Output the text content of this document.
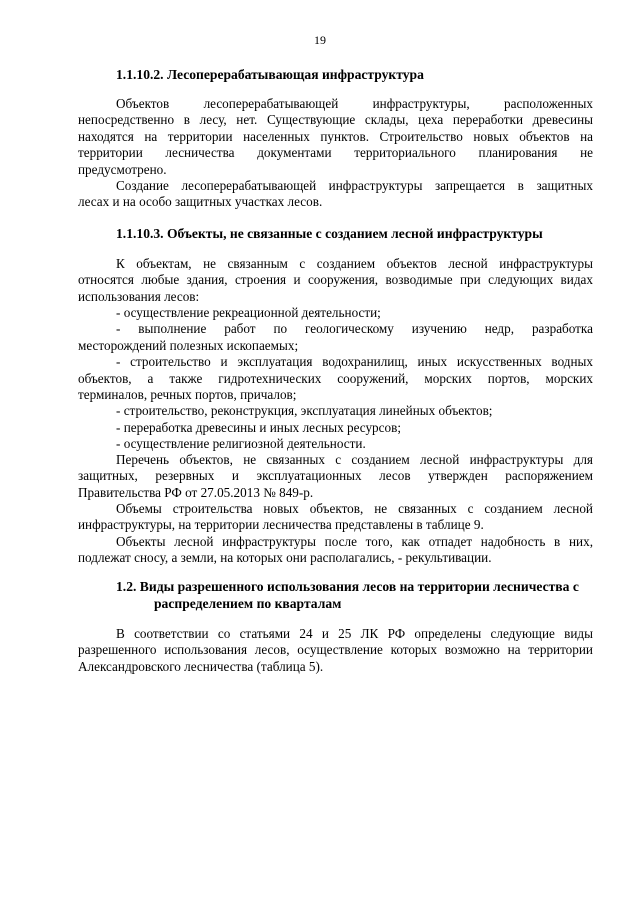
19
1.1.10.2. Лесоперерабатывающая инфраструктура

Объектов лесоперерабатывающей инфраструктуры, расположенных

непосредственно в лесу, нет. Существующие склады, цеха переработки древесины

находятся на территории населенных пунктов. Строительство новых объектов на

территории лесничества документами территориального планирования не

предусмотрено.

Создание лесоперерабатывающей инфраструктуры запрещается в защитных

лесах и на особо защитных участках лесов.

1.1.10.3. Объекты, не связанные с созданием лесной инфраструктуры

К объектам, не связанным с созданием объектов лесной инфраструктуры

относятся любые здания, строения и сооружения, возводимые при следующих видах

использования лесов:

- осуществление рекреационной деятельности;

- выполнение работ по геологическому изучению недр, разработка

месторождений полезных ископаемых;

- строительство и эксплуатация водохранилищ, иных искусственных водных

объектов, а также гидротехнических сооружений, морских портов, морских

терминалов, речных портов, причалов;

- строительство, реконструкция, эксплуатация линейных объектов;

- переработка древесины и иных лесных ресурсов;

- осуществление религиозной деятельности.

Перечень объектов, не связанных с созданием лесной инфраструктуры для

защитных, резервных и эксплуатационных лесов утвержден распоряжением

Правительства РФ от 27.05.2013 № 849-р.

Объемы строительства новых объектов, не связанных с созданием лесной

инфраструктуры, на территории лесничества представлены в таблице 9.

Объекты лесной инфраструктуры после того, как отпадет надобность в них,

подлежат сносу, а земли, на которых они располагались, - рекультивации.

1.2. Виды разрешенного использования лесов на территории лесничества с
распределением по кварталам

В соответствии со статьями 24 и 25 ЛК РФ определены следующие виды

разрешенного использования лесов, осуществление которых возможно на территории

Александровского лесничества (таблица 5).
